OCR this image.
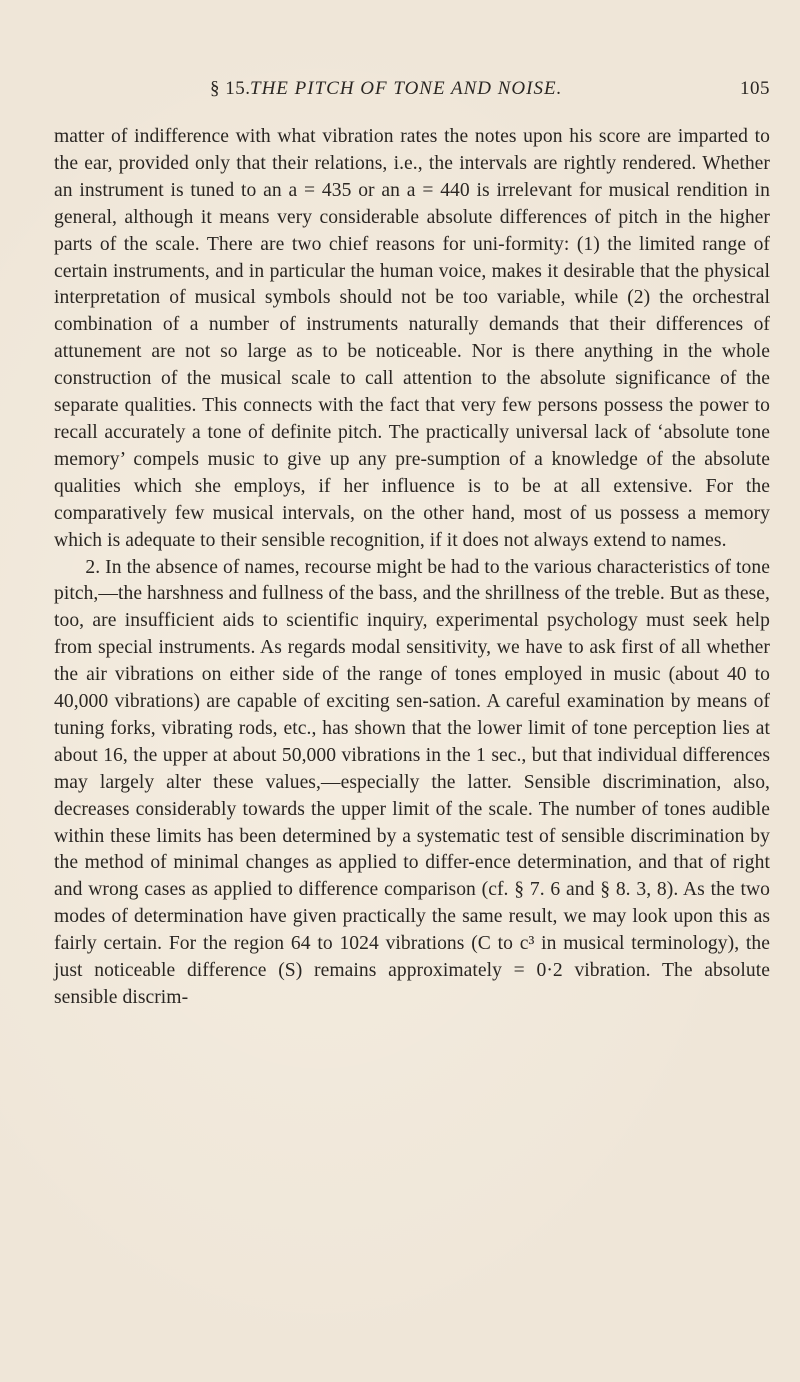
§ 15. THE PITCH OF TONE AND NOISE.	105

matter of indifference with what vibration rates the notes upon his score are imparted to the ear, provided only that their relations, i.e., the intervals are rightly rendered. Whether an instrument is tuned to an a = 435 or an a = 440 is irrelevant for musical rendition in general, although it means very considerable absolute differences of pitch in the higher parts of the scale. There are two chief reasons for uni-formity: (1) the limited range of certain instruments, and in particular the human voice, makes it desirable that the physical interpretation of musical symbols should not be too variable, while (2) the orchestral combination of a number of instruments naturally demands that their differences of attunement are not so large as to be noticeable. Nor is there anything in the whole construction of the musical scale to call attention to the absolute significance of the separate qualities. This connects with the fact that very few persons possess the power to recall accurately a tone of definite pitch. The practically universal lack of ‘absolute tone memory’ compels music to give up any pre-sumption of a knowledge of the absolute qualities which she employs, if her influence is to be at all extensive. For the comparatively few musical intervals, on the other hand, most of us possess a memory which is adequate to their sensible recognition, if it does not always extend to names.

2. In the absence of names, recourse might be had to the various characteristics of tone pitch,—the harshness and fullness of the bass, and the shrillness of the treble. But as these, too, are insufficient aids to scientific inquiry, experimental psychology must seek help from special instruments. As regards modal sensitivity, we have to ask first of all whether the air vibrations on either side of the range of tones employed in music (about 40 to 40,000 vibrations) are capable of exciting sen-sation. A careful examination by means of tuning forks, vibrating rods, etc., has shown that the lower limit of tone perception lies at about 16, the upper at about 50,000 vibrations in the 1 sec., but that individual differences may largely alter these values,—especially the latter. Sensible discrimination, also, decreases considerably towards the upper limit of the scale. The number of tones audible within these limits has been determined by a systematic test of sensible discrimination by the method of minimal changes as applied to differ-ence determination, and that of right and wrong cases as applied to difference comparison (cf. § 7. 6 and § 8. 3, 8). As the two modes of determination have given practically the same result, we may look upon this as fairly certain. For the region 64 to 1024 vibrations (C to c³ in musical terminology), the just noticeable difference (S) remains approximately = 0·2 vibration. The absolute sensible discrim-
